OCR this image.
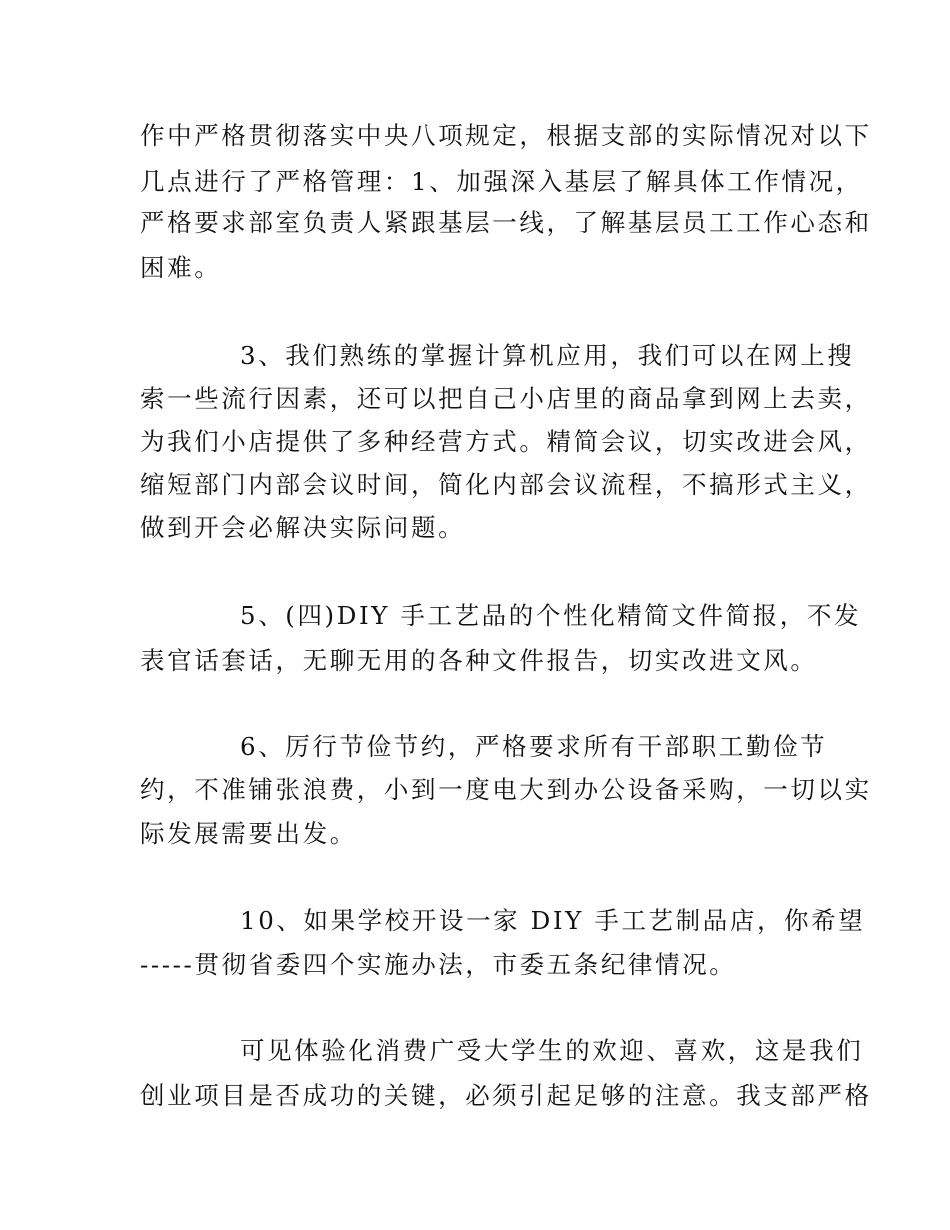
作中严格贯彻落实中央八项规定，根据支部的实际情况对以下
几点进行了严格管理：1、加强深入基层了解具体工作情况，
严格要求部室负责人紧跟基层一线，了解基层员工工作心态和
困难。
3、我们熟练的掌握计算机应用，我们可以在网上搜
索一些流行因素，还可以把自己小店里的商品拿到网上去卖，
为我们小店提供了多种经营方式。精简会议，切实改进会风，
缩短部门内部会议时间，简化内部会议流程，不搞形式主义，
做到开会必解决实际问题。
5、(四)DIY 手工艺品的个性化精简文件简报，不发
表官话套话，无聊无用的各种文件报告，切实改进文风。
6、厉行节俭节约，严格要求所有干部职工勤俭节
约，不准铺张浪费，小到一度电大到办公设备采购，一切以实
际发展需要出发。
10、如果学校开设一家 DIY 手工艺制品店，你希望
-----贯彻省委四个实施办法，市委五条纪律情况。
可见体验化消费广受大学生的欢迎、喜欢，这是我们
创业项目是否成功的关键，必须引起足够的注意。我支部严格
